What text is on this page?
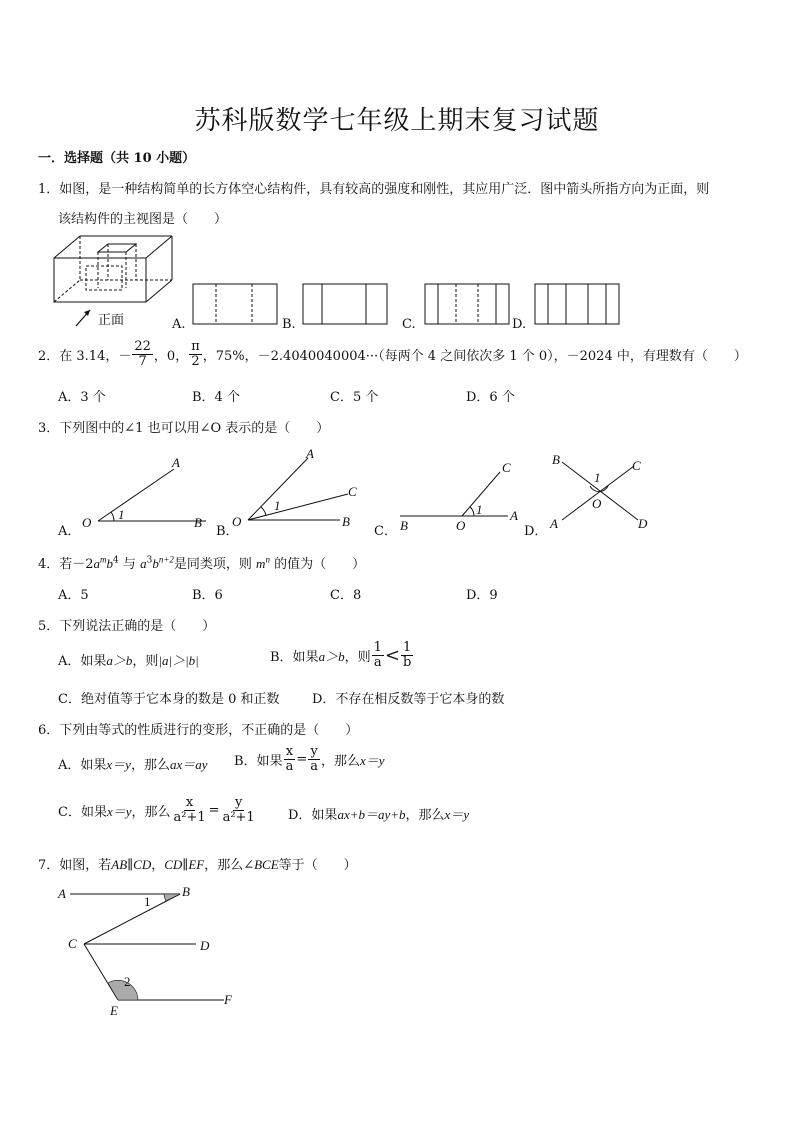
苏科版数学七年级上期末复习试题
一．选择题（共 10 小题）
1．如图，是一种结构简单的长方体空心结构件，具有较高的强度和刚性，其应用广泛．图中箭头所指方向为正面，则
该结构件的主视图是（　　）
正面	A.	B.	C.	D.
2．在 3.14， － $\frac{22}{7}$ ，0， $\frac{\pi}{2}$ ，75%，－2.4040040004···（每两个 4 之间依次多 1 个 0），－2024 中，有理数有（　　）
A．3 个	B．4 个	C．5 个	D．6 个
3．下列图中的∠1 也可以用∠O 表示的是（　　）
A．
O
1
A
B
B．
O
1
A
C
B
C． B	O
1
C
A
D．
B
1
C
O
A	D
4．若$-2a^mb^4$ 与 $a^3b^{n+2}$是同类项，则 $m^n$ 的值为（　　）
A．5	B．6	C．8	D．9
5．下列说法正确的是（　　）
A．如果a＞b，则|a|＞|b|	B．如果 a＞b ，则 $\frac{1}{a} < \frac{1}{b}$
C．绝对值等于它本身的数是 0 和正数	D．不存在相反数等于它本身的数
6．下列由等式的性质进行的变形，不正确的是（　　）
A．如果x＝y，那么ax＝ay B．如果 $\frac{x}{a} = \frac{y}{a}$ ，那么 x＝y
C．如果 x＝y ，那么 $\frac{x}{\text{a²+1}} = \frac{y}{\text{a²+1}}$ D．如果ax+b＝ay+b，那么x＝y
7．如图，若AB∥CD，CD∥EF，那么∠BCE等于（　　）
A	B
1
C	D
2
E
F
